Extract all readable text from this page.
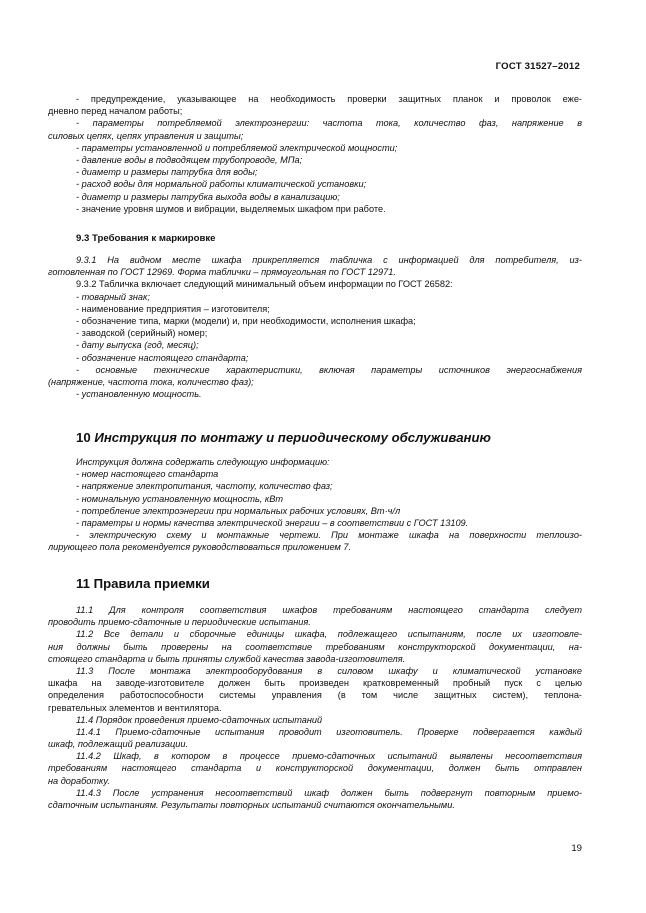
ГОСТ 31527–2012
- предупреждение, указывающее на необходимость проверки защитных планок и проволок ежe-
дневно перед началом работы;
- параметры потребляемой электроэнергии: частота тока, количество фаз, напряжение в
силовых цепях, цепях управления и защиты;
- параметры установленной и потребляемой электрической мощности;
- давление воды в подводящем трубопроводе, МПа;
- диаметр и размеры патрубка для воды;
- расход воды для нормальной работы климатической установки;
- диаметр и размеры патрубка выхода воды в канализацию;
- значение уровня шумов и вибрации, выделяемых шкафом при работе.
9.3 Требования к маркировке
9.3.1 На видном месте шкафа прикрепляется табличка с информацией для потребителя, из-
готовленная по ГОСТ 12969. Форма таблички – прямоугольная по ГОСТ 12971.
9.3.2 Табличка включает следующий минимальный объем информации по ГОСТ 26582:
- товарный знак;
- наименование предприятия – изготовителя;
- обозначение типа, марки (модели) и, при необходимости, исполнения шкафа;
- заводской (серийный) номер;
- дату выпуска (год, месяц);
- обозначение настоящего стандарта;
- основные технические характеристики, включая параметры источников энергоснабжения
(напряжение, частота тока, количество фаз);
- установленную мощность.
10 Инструкция по монтажу и периодическому обслуживанию
Инструкция должна содержать следующую информацию:
- номер настоящего стандарта
- напряжение электропитания, частоту, количество фаз;
- номинальную установленную мощность, кВт
- потребление электроэнергии при нормальных рабочих условиях, Вт·ч/л
- параметры и нормы качества электрической энергии – в соответствии с ГОСТ 13109.
- электрическую схему и монтажные чертежи. При монтаже шкафа на поверхности теплоизо-
лирующего пола рекомендуется руководствоваться приложением 7.
11 Правила приемки
11.1 Для контроля соответствия шкафов требованиям настоящего стандарта следует
проводить приемо-сдаточные и периодические испытания.
11.2 Все детали и сборочные единицы шкафа, подлежащего испытаниям, после их изготовле-
ния должны быть проверены на соответствие требованиям конструкторской документации, на-
стоящего стандарта и быть приняты службой качества завода-изготовителя.
11.3 После монтажа электрооборудования в силовом шкафу и климатической установке
шкафа на заводе-изготовителе должен быть произведен кратковременный пробный пуск с целью
определения работоспособности системы управления (в том числе защитных систем), теплона-
гревательных элементов и вентилятора.
11.4 Порядок проведения приемо-сдаточных испытаний
11.4.1 Приемо-сдаточные испытания проводит изготовитель. Проверке подвергается каждый
шкаф, подлежащий реализации.
11.4.2 Шкаф, в котором в процессе приемо-сдаточных испытаний выявлены несоответствия
требованиям настоящего стандарта и конструкторской документации, должен быть отправлен
на доработку.
11.4.3 После устранения несоответствий шкаф должен быть подвергнут повторным приемо-
сдаточным испытаниям. Результаты повторных испытаний считаются окончательными.
19
